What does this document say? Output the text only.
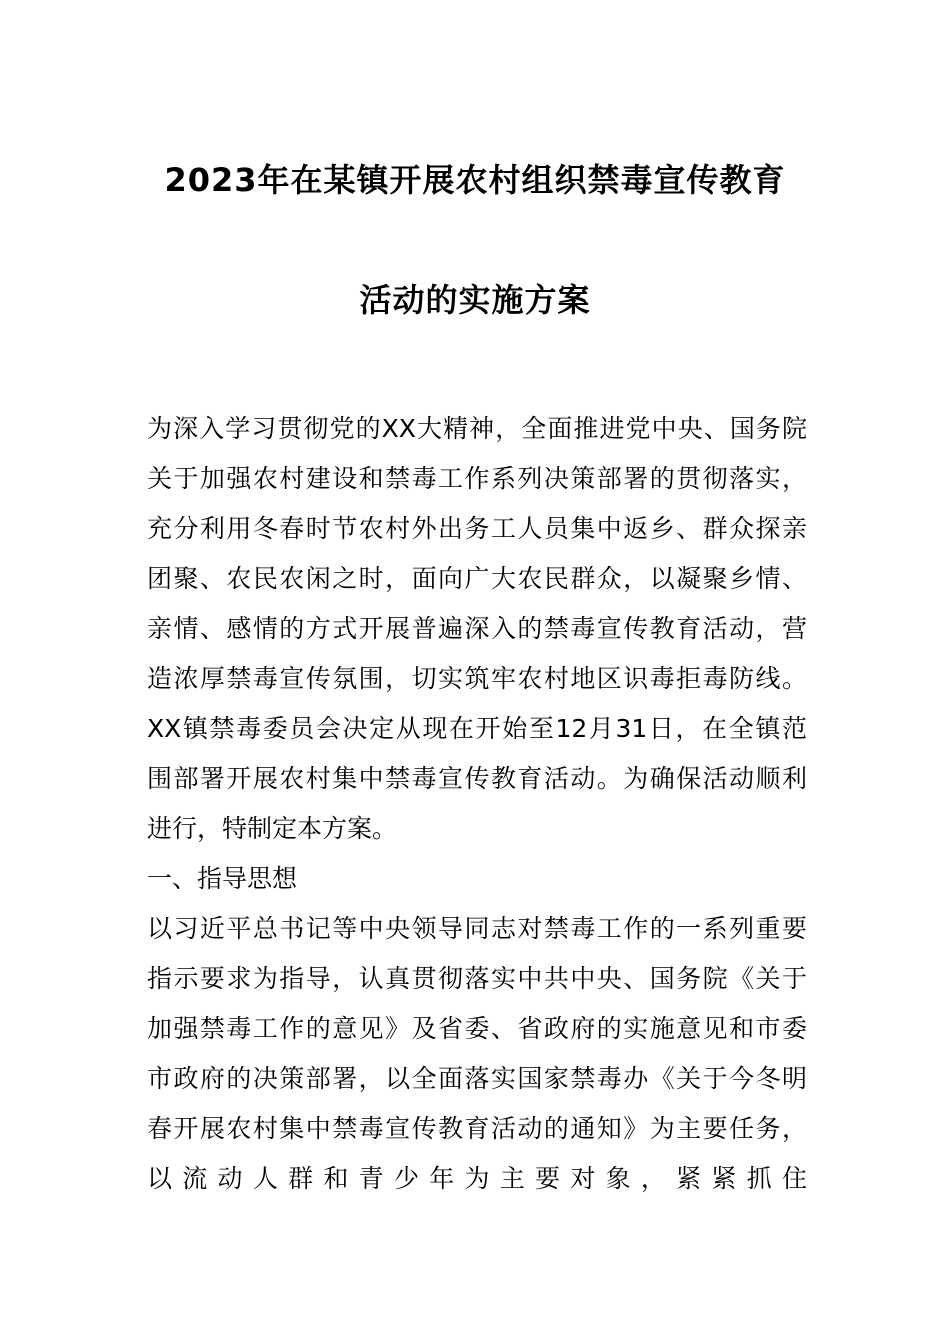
2023年在某镇开展农村组织禁毒宣传教育
活动的实施方案
为深入学习贯彻党的XX大精神，全面推进党中央、国务院
关于加强农村建设和禁毒工作系列决策部署的贯彻落实，
充分利用冬春时节农村外出务工人员集中返乡、群众探亲
团聚、农民农闲之时，面向广大农民群众，以凝聚乡情、
亲情、感情的方式开展普遍深入的禁毒宣传教育活动，营
造浓厚禁毒宣传氛围，切实筑牢农村地区识毒拒毒防线。
XX镇禁毒委员会决定从现在开始至12月31日，在全镇范
围部署开展农村集中禁毒宣传教育活动。为确保活动顺利
进行，特制定本方案。
一、指导思想
以习近平总书记等中央领导同志对禁毒工作的一系列重要
指示要求为指导，认真贯彻落实中共中央、国务院《关于
加强禁毒工作的意见》及省委、省政府的实施意见和市委
市政府的决策部署，以全面落实国家禁毒办《关于今冬明
春开展农村集中禁毒宣传教育活动的通知》为主要任务，
以流动人群和青少年为主要对象，紧紧抓住
